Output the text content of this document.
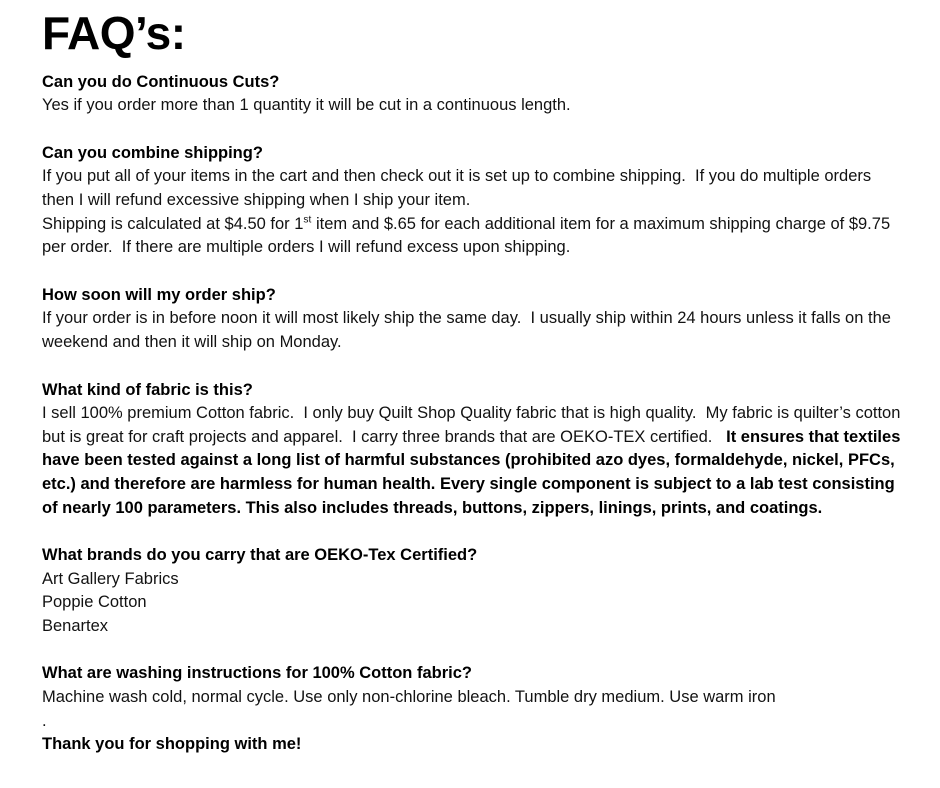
FAQ’s:

Can you do Continuous Cuts?

Yes if you order more than 1 quantity it will be cut in a continuous length.

Can you combine shipping?

If you put all of your items in the cart and then check out it is set up to combine shipping.  If you do multiple orders then I will refund excessive shipping when I ship your item.

Shipping is calculated at $4.50 for 1st item and $.65 for each additional item for a maximum shipping charge of $9.75 per order.  If there are multiple orders I will refund excess upon shipping.

How soon will my order ship?

If your order is in before noon it will most likely ship the same day.  I usually ship within 24 hours unless it falls on the weekend and then it will ship on Monday.

What kind of fabric is this?

I sell 100% premium Cotton fabric.  I only buy Quilt Shop Quality fabric that is high quality.  My fabric is quilter’s cotton but is great for craft projects and apparel.  I carry three brands that are OEKO-TEX certified.   It ensures that textiles have been tested against a long list of harmful substances (prohibited azo dyes, formaldehyde, nickel, PFCs, etc.) and therefore are harmless for human health. Every single component is subject to a lab test consisting of nearly 100 parameters. This also includes threads, buttons, zippers, linings, prints, and coatings.

What brands do you carry that are OEKO-Tex Certified?

Art Gallery Fabrics

Poppie Cotton

Benartex

What are washing instructions for 100% Cotton fabric?

Machine wash cold, normal cycle. Use only non-chlorine bleach. Tumble dry medium. Use warm iron

.

Thank you for shopping with me!
